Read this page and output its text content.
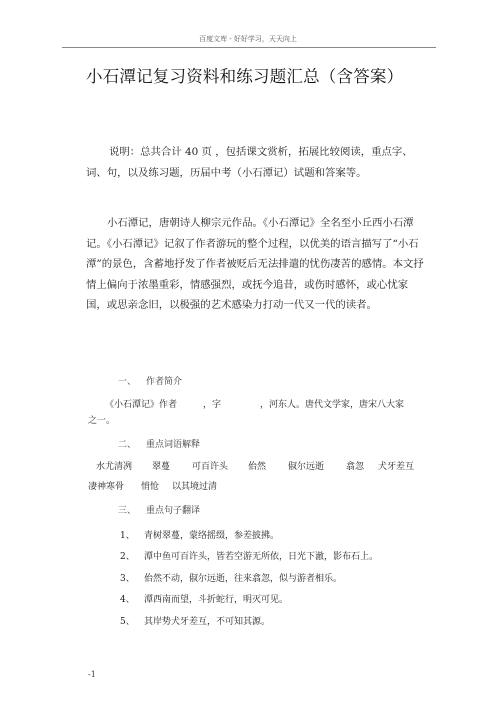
百度文库 - 好好学习，天天向上
小石潭记复习资料和练习题汇总（含答案）
说明：总共合计 40 页 ，包括课文赏析，拓展比较阅读，重点字、词、句，以及练习题，历届中考（小石潭记）试题和答案等。
小石潭记，唐朝诗人柳宗元作品。《小石潭记》全名至小丘西小石潭记。《小石潭记》记叙了作者游玩的整个过程，以优美的语言描写了“小石潭”的景色，含蓄地抒发了作者被贬后无法排遣的忧伤凄苦的感情。本文抒情上偏向于浓墨重彩，情感强烈，或抚今追昔，或伤时感怀，或心忧家国，或思亲念旧，以极强的艺术感染力打动一代又一代的读者。
一、 作者简介
《小石潭记》作者	，字	，河东人。唐代文学家，唐宋八大家
之一。
二、 重点词语解释
水尤清冽 翠蔓 可百许头 佁然 俶尔远逝 翕忽 犬牙差互
凄神寒骨 悄怆 以其境过清
三、 重点句子翻译
1、 青树翠蔓，蒙络摇缀，参差披拂。
2、 潭中鱼可百许头，皆若空游无所依，日光下澈，影布石上。
3、 佁然不动，俶尔远逝，往来翕忽，似与游者相乐。
4、 潭西南而望，斗折蛇行，明灭可见。
5、 其岸势犬牙差互，不可知其源。
-1
